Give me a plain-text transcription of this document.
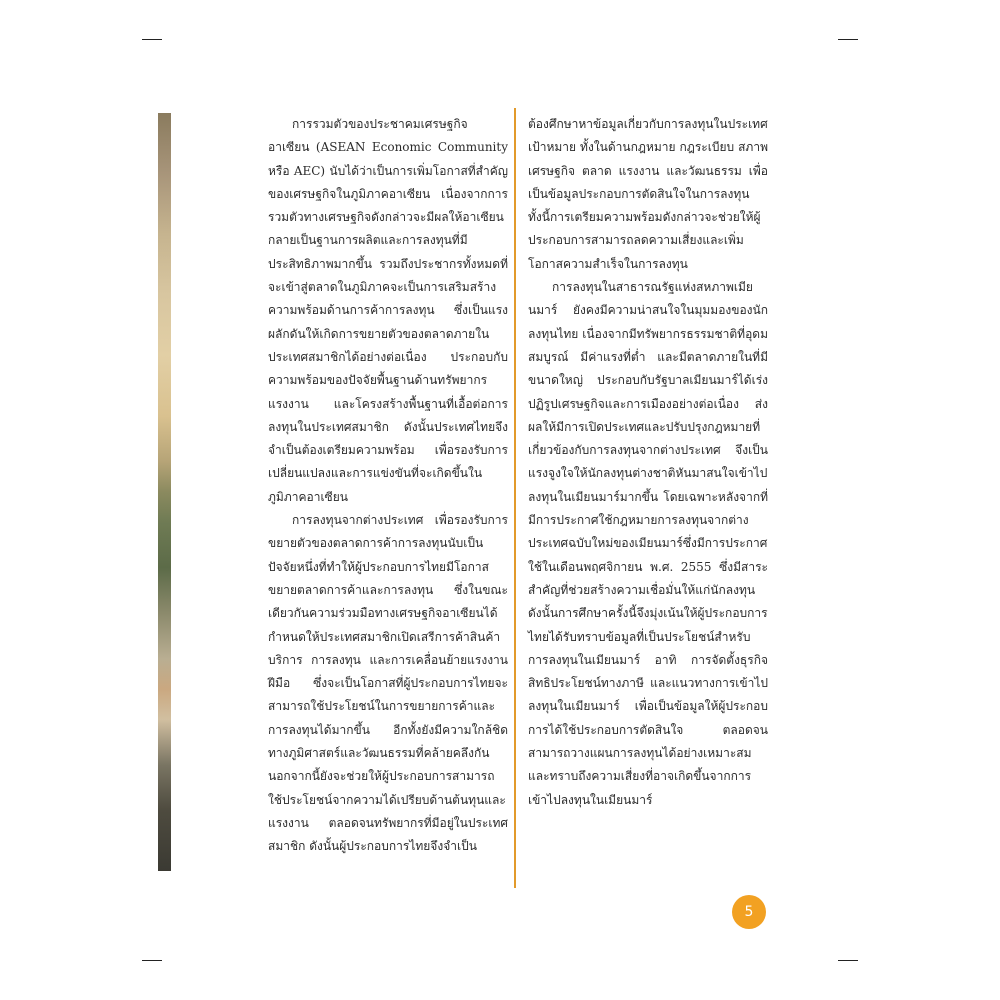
การรวมตัวของประชาคมเศรษฐกิจอาเซียน (ASEAN Economic Community หรือ AEC) นับได้ว่าเป็นการเพิ่มโอกาสที่สำคัญของเศรษฐกิจในภูมิภาคอาเซียน เนื่องจากการรวมตัวทางเศรษฐกิจดังกล่าวจะมีผลให้อาเซียนกลายเป็นฐานการผลิตและการลงทุนที่มีประสิทธิภาพมากขึ้น รวมถึงประชากรทั้งหมดที่จะเข้าสู่ตลาดในภูมิภาคจะเป็นการเสริมสร้างความพร้อมด้านการค้าการลงทุน ซึ่งเป็นแรงผลักดันให้เกิดการขยายตัวของตลาดภายในประเทศสมาชิกได้อย่างต่อเนื่อง ประกอบกับความพร้อมของปัจจัยพื้นฐานด้านทรัพยากร แรงงาน และโครงสร้างพื้นฐานที่เอื้อต่อการลงทุนในประเทศสมาชิก ดังนั้นประเทศไทยจึงจำเป็นต้องเตรียมความพร้อม เพื่อรองรับการเปลี่ยนแปลงและการแข่งขันที่จะเกิดขึ้นในภูมิภาคอาเซียน

การลงทุนจากต่างประเทศ เพื่อรองรับการขยายตัวของตลาดการค้าการลงทุนนับเป็นปัจจัยหนึ่งที่ทำให้ผู้ประกอบการไทยมีโอกาสขยายตลาดการค้าและการลงทุน ซึ่งในขณะเดียวกันความร่วมมือทางเศรษฐกิจอาเซียนได้กำหนดให้ประเทศสมาชิกเปิดเสรีการค้าสินค้าบริการ การลงทุน และการเคลื่อนย้ายแรงงานฝีมือ ซึ่งจะเป็นโอกาสที่ผู้ประกอบการไทยจะสามารถใช้ประโยชน์ในการขยายการค้าและการลงทุนได้มากขึ้น อีกทั้งยังมีความใกล้ชิดทางภูมิศาสตร์และวัฒนธรรมที่คล้ายคลึงกัน นอกจากนี้ยังจะช่วยให้ผู้ประกอบการสามารถใช้ประโยชน์จากความได้เปรียบด้านต้นทุนและแรงงาน ตลอดจนทรัพยากรที่มีอยู่ในประเทศสมาชิก ดังนั้นผู้ประกอบการไทยจึงจำเป็น

ต้องศึกษาหาข้อมูลเกี่ยวกับการลงทุนในประเทศเป้าหมาย ทั้งในด้านกฎหมาย กฎระเบียบ สภาพเศรษฐกิจ ตลาด แรงงาน และวัฒนธรรม เพื่อเป็นข้อมูลประกอบการตัดสินใจในการลงทุน ทั้งนี้การเตรียมความพร้อมดังกล่าวจะช่วยให้ผู้ประกอบการสามารถลดความเสี่ยงและเพิ่มโอกาสความสำเร็จในการลงทุน

การลงทุนในสาธารณรัฐแห่งสหภาพเมียนมาร์ ยังคงมีความน่าสนใจในมุมมองของนักลงทุนไทย เนื่องจากมีทรัพยากรธรรมชาติที่อุดมสมบูรณ์ มีค่าแรงที่ต่ำ และมีตลาดภายในที่มีขนาดใหญ่ ประกอบกับรัฐบาลเมียนมาร์ได้เร่งปฏิรูปเศรษฐกิจและการเมืองอย่างต่อเนื่อง ส่งผลให้มีการเปิดประเทศและปรับปรุงกฎหมายที่เกี่ยวข้องกับการลงทุนจากต่างประเทศ จึงเป็นแรงจูงใจให้นักลงทุนต่างชาติหันมาสนใจเข้าไปลงทุนในเมียนมาร์มากขึ้น โดยเฉพาะหลังจากที่มีการประกาศใช้กฎหมายการลงทุนจากต่างประเทศฉบับใหม่ของเมียนมาร์ซึ่งมีการประกาศใช้ในเดือนพฤศจิกายน พ.ศ. 2555 ซึ่งมีสาระสำคัญที่ช่วยสร้างความเชื่อมั่นให้แก่นักลงทุน ดังนั้นการศึกษาครั้งนี้จึงมุ่งเน้นให้ผู้ประกอบการไทยได้รับทราบข้อมูลที่เป็นประโยชน์สำหรับการลงทุนในเมียนมาร์ อาทิ การจัดตั้งธุรกิจ สิทธิประโยชน์ทางภาษี และแนวทางการเข้าไปลงทุนในเมียนมาร์ เพื่อเป็นข้อมูลให้ผู้ประกอบการได้ใช้ประกอบการตัดสินใจ ตลอดจนสามารถวางแผนการลงทุนได้อย่างเหมาะสม และทราบถึงความเสี่ยงที่อาจเกิดขึ้นจากการเข้าไปลงทุนในเมียนมาร์

5
